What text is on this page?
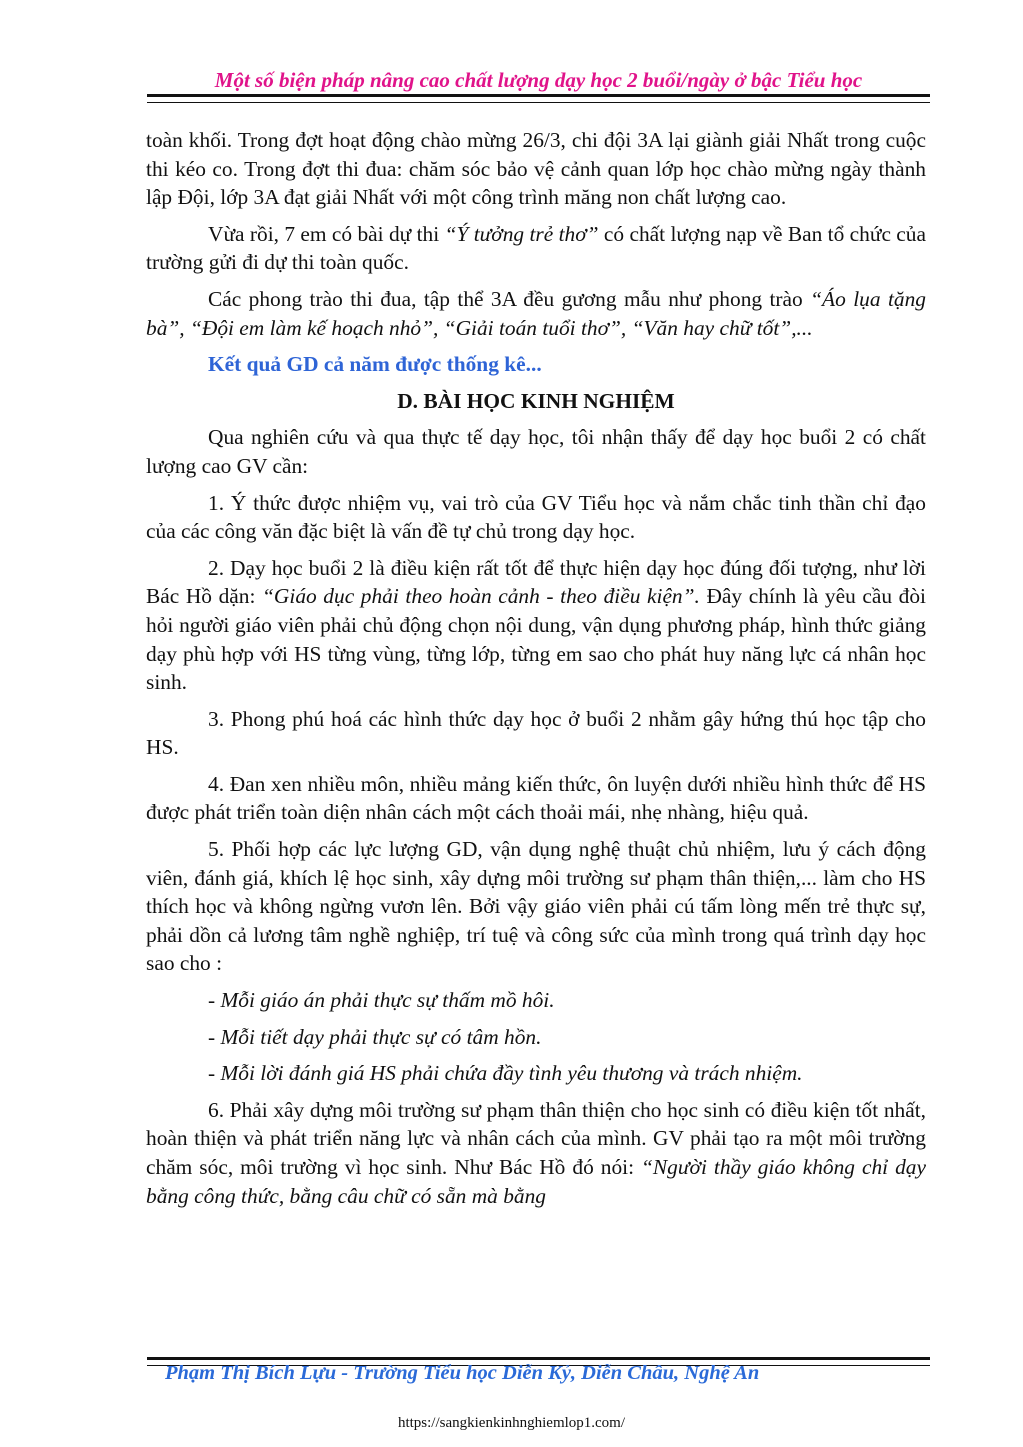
Một số biện pháp nâng cao chất lượng dạy học 2 buổi/ngày ở bậc Tiểu học

toàn khối. Trong đợt hoạt động chào mừng 26/3, chi đội 3A lại giành giải Nhất trong cuộc thi kéo co. Trong đợt thi đua: chăm sóc bảo vệ cảnh quan lớp học chào mừng ngày thành lập Đội, lớp 3A đạt giải Nhất với một công trình măng non chất lượng cao.

Vừa rồi, 7 em có bài dự thi “Ý tưởng trẻ thơ” có chất lượng nạp về Ban tổ chức của trường gửi đi dự thi toàn quốc.

Các phong trào thi đua, tập thể 3A đều gương mẫu như phong trào “Áo lụa tặng bà”, “Đội em làm kế hoạch nhỏ”, “Giải toán tuổi thơ”, “Văn hay chữ tốt”,...

Kết quả GD cả năm được thống kê...

D. BÀI HỌC KINH NGHIỆM

Qua nghiên cứu và qua thực tế dạy học, tôi nhận thấy để dạy học buổi 2 có chất lượng cao GV cần:

1. Ý thức được nhiệm vụ, vai trò của GV Tiểu học và nắm chắc tinh thần chỉ đạo của các công văn đặc biệt là vấn đề tự chủ trong dạy học.

2. Dạy học buổi 2 là điều kiện rất tốt để thực hiện dạy học đúng đối tượng, như lời Bác Hồ dặn: “Giáo dục phải theo hoàn cảnh - theo điều kiện”. Đây chính là yêu cầu đòi hỏi người giáo viên phải chủ động chọn nội dung, vận dụng phương pháp, hình thức giảng dạy phù hợp với HS từng vùng, từng lớp, từng em sao cho phát huy năng lực cá nhân học sinh.

3. Phong phú hoá các hình thức dạy học ở buổi 2 nhằm gây hứng thú học tập cho HS.

4. Đan xen nhiều môn, nhiều mảng kiến thức, ôn luyện dưới nhiều hình thức để HS được phát triển toàn diện nhân cách một cách thoải mái, nhẹ nhàng, hiệu quả.

5. Phối hợp các lực lượng GD, vận dụng nghệ thuật chủ nhiệm, lưu ý cách động viên, đánh giá, khích lệ học sinh, xây dựng môi trường sư phạm thân thiện,... làm cho HS thích học và không ngừng vươn lên. Bởi vậy giáo viên phải cú tấm lòng mến trẻ thực sự, phải dồn cả lương tâm nghề nghiệp, trí tuệ và công sức của mình trong quá trình dạy học sao cho :

- Mỗi giáo án phải thực sự thấm mồ hôi.

- Mỗi tiết dạy phải thực sự có tâm hồn.

- Mỗi lời đánh giá HS phải chứa đầy tình yêu thương và trách nhiệm.

6. Phải xây dựng môi trường sư phạm thân thiện cho học sinh có điều kiện tốt nhất, hoàn thiện và phát triển năng lực và nhân cách của mình. GV phải tạo ra một môi trường chăm sóc, môi trường vì học sinh. Như Bác Hồ đó nói: “Người thầy giáo không chỉ dạy bằng công thức, bằng câu chữ có sẵn mà bằng

Phạm Thị Bích Lựu - Trường Tiểu học Diễn Kỷ, Diễn Châu, Nghệ An
https://sangkienkinhnghiemlop1.com/
